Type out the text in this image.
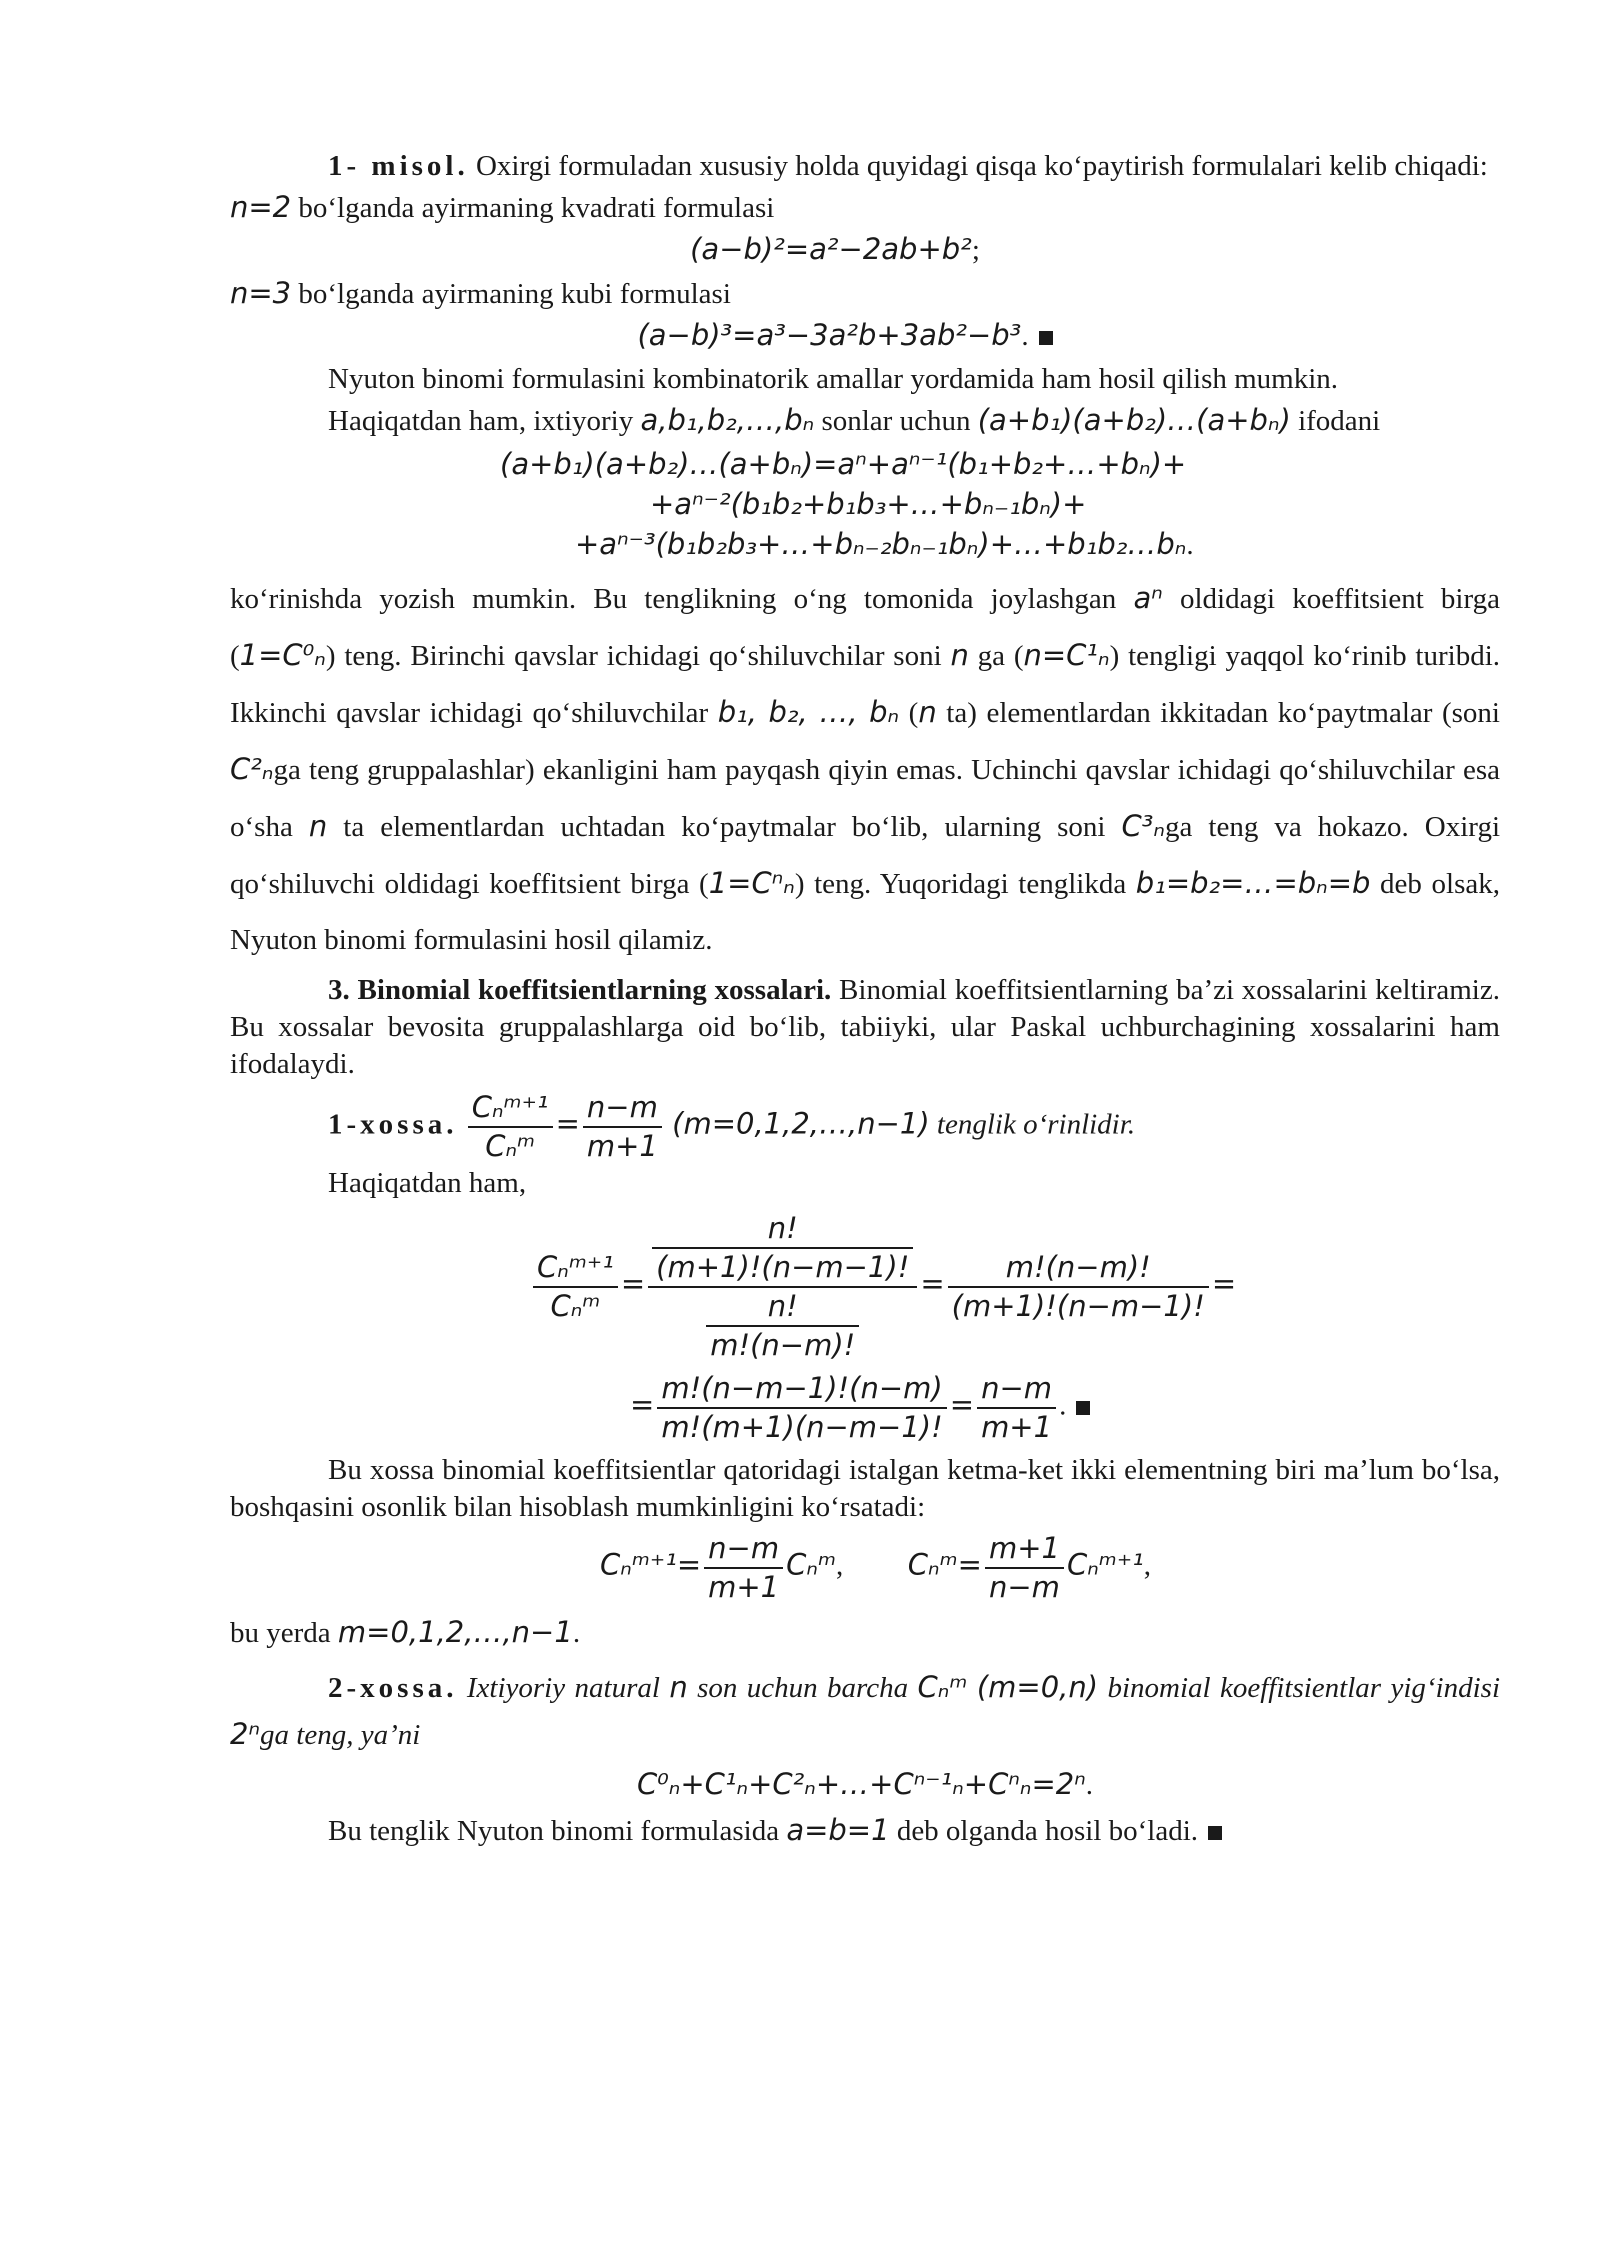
1- misol. Oxirgi formuladan xususiy holda quyidagi qisqa ko‘paytirish formulalari kelib chiqadi:

n=2 bo‘lganda ayirmaning kvadrati formulasi

(a−b)²=a²−2ab+b²;

n=3 bo‘lganda ayirmaning kubi formulasi

(a−b)³=a³−3a²b+3ab²−b³.

Nyuton binomi formulasini kombinatorik amallar yordamida ham hosil qilish mumkin.

Haqiqatdan ham, ixtiyoriy a,b₁,b₂,…,bₙ sonlar uchun (a+b₁)(a+b₂)…(a+bₙ) ifodani

(a+b₁)(a+b₂)…(a+bₙ)=aⁿ+aⁿ⁻¹(b₁+b₂+…+bₙ)+
+aⁿ⁻²(b₁b₂+b₁b₃+…+bₙ₋₁bₙ)+
+aⁿ⁻³(b₁b₂b₃+…+bₙ₋₂bₙ₋₁bₙ)+…+b₁b₂…bₙ.

ko‘rinishda yozish mumkin. Bu tenglikning o‘ng tomonida joylashgan aⁿ oldidagi koeffitsient birga (1=C⁰ₙ) teng. Birinchi qavslar ichidagi qo‘shiluvchilar soni n ga (n=C¹ₙ) tengligi yaqqol ko‘rinib turibdi. Ikkinchi qavslar ichidagi qo‘shiluvchilar b₁, b₂, …, bₙ (n ta) elementlardan ikkitadan ko‘paytmalar (soni C²ₙga teng gruppalashlar) ekanligini ham payqash qiyin emas. Uchinchi qavslar ichidagi qo‘shiluvchilar esa o‘sha n ta elementlardan uchtadan ko‘paytmalar bo‘lib, ularning soni C³ₙga teng va hokazo. Oxirgi qo‘shiluvchi oldidagi koeffitsient birga (1=Cⁿₙ) teng. Yuqoridagi tenglikda b₁=b₂=…=bₙ=b deb olsak, Nyuton binomi formulasini hosil qilamiz.

3. Binomial koeffitsientlarning xossalari. Binomial koeffitsientlarning ba’zi xossalarini keltiramiz. Bu xossalar bevosita gruppalashlarga oid bo‘lib, tabiiyki, ular Paskal uchburchagining xossalarini ham ifodalaydi.

1-xossa. $\frac{\text{Cₙᵐ⁺¹}}{\text{Cₙᵐ}} = \frac{n-m}{m+1}$ (m=0,1,2,…,n−1) tenglik o‘rinlidir.

Haqiqatdan ham,

$\frac{\text{Cₙᵐ⁺¹}}{\text{Cₙᵐ}} = \frac{\frac{n!}{(m+1)!(n-m-1)!}}{\frac{n!}{m!(n-m)!}} = \frac{m!(n-m)!}{(m+1)!(n-m-1)!}$ =
= $\frac{m!(n-m-1)!(n-m)}{m!(m+1)(n-m-1)!} = \frac{n-m}{m+1}$ .

Bu xossa binomial koeffitsientlar qatoridagi istalgan ketma-ket ikki elementning biri ma’lum bo‘lsa, boshqasini osonlik bilan hisoblash mumkinligini ko‘rsatadi:

Cₙᵐ⁺¹= $\frac{n-m}{m+1}$ Cₙᵐ, Cₙᵐ= $\frac{m+1}{n-m}$ Cₙᵐ⁺¹,

bu yerda m=0,1,2,…,n−1.

2-xossa. Ixtiyoriy natural n son uchun barcha Cₙᵐ (m=0,n) binomial koeffitsientlar yig‘indisi 2ⁿga teng, ya’ni

C⁰ₙ+C¹ₙ+C²ₙ+…+Cⁿ⁻¹ₙ+Cⁿₙ=2ⁿ.

Bu tenglik Nyuton binomi formulasida a=b=1 deb olganda hosil bo‘ladi.
